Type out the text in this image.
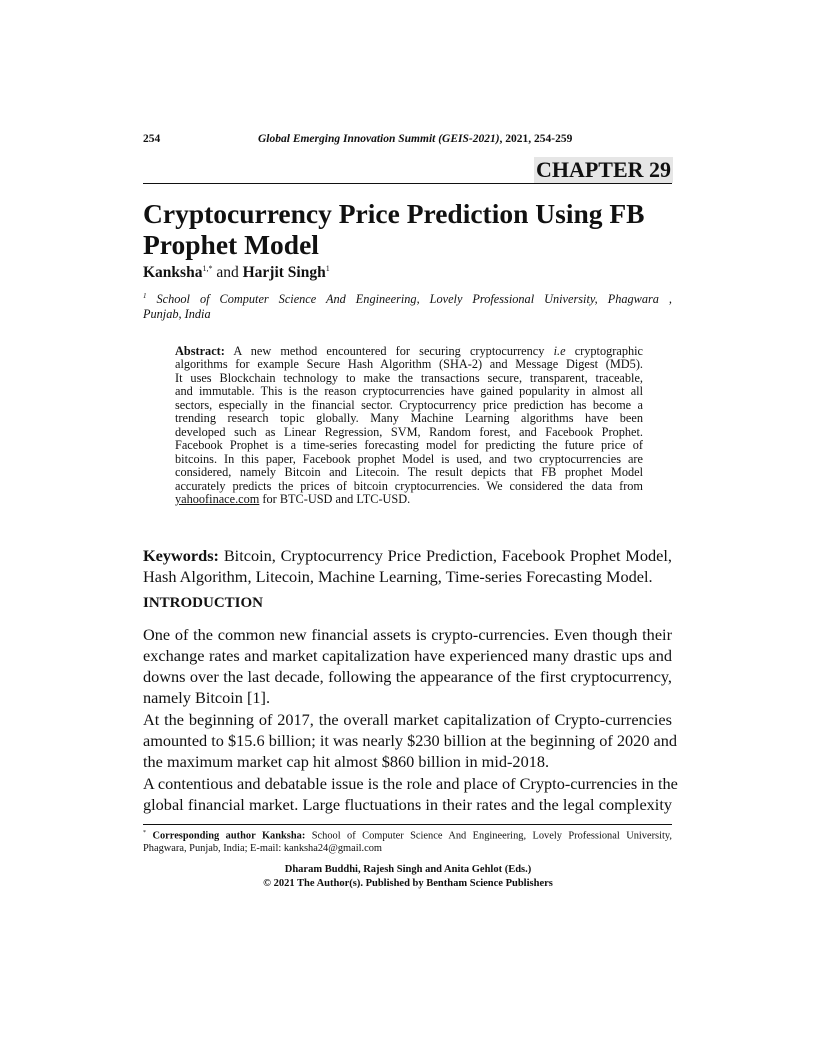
254	Global Emerging Innovation Summit (GEIS-2021), 2021, 254-259
CHAPTER 29
Cryptocurrency Price Prediction Using FB Prophet Model
Kanksha$^{1,*}$ and Harjit Singh$^1$
$^1$ School of Computer Science And Engineering, Lovely Professional University, Phagwara ,
Punjab, India
Abstract: A new method encountered for securing cryptocurrency i.e cryptographic
algorithms for example Secure Hash Algorithm (SHA-2) and Message Digest (MD5).
It uses Blockchain technology to make the transactions secure, transparent, traceable,
and immutable. This is the reason cryptocurrencies have gained popularity in almost all
sectors, especially in the financial sector. Cryptocurrency price prediction has become a
trending research topic globally. Many Machine Learning algorithms have been
developed such as Linear Regression, SVM, Random forest, and Facebook Prophet.
Facebook Prophet is a time-series forecasting model for predicting the future price of
bitcoins. In this paper, Facebook prophet Model is used, and two cryptocurrencies are
considered, namely Bitcoin and Litecoin. The result depicts that FB prophet Model
accurately predicts the prices of bitcoin cryptocurrencies. We considered the data from
yahoofinace.com for BTC-USD and LTC-USD.
Keywords: Bitcoin, Cryptocurrency Price Prediction, Facebook Prophet Model,
Hash Algorithm, Litecoin, Machine Learning, Time-series Forecasting Model.
INTRODUCTION
One of the common new financial assets is crypto-currencies. Even though their
exchange rates and market capitalization have experienced many drastic ups and
downs over the last decade, following the appearance of the first cryptocurrency,
namely Bitcoin [1].
At the beginning of 2017, the overall market capitalization of Crypto-currencies
amounted to $15.6 billion; it was nearly $230 billion at the beginning of 2020 and
the maximum market cap hit almost $860 billion in mid-2018.
A contentious and debatable issue is the role and place of Crypto-currencies in the
global financial market. Large fluctuations in their rates and the legal complexity
* Corresponding author Kanksha: School of Computer Science And Engineering, Lovely Professional University,
Phagwara, Punjab, India; E-mail: kanksha24@gmail.com
Dharam Buddhi, Rajesh Singh and Anita Gehlot (Eds.)
© 2021 The Author(s). Published by Bentham Science Publishers
